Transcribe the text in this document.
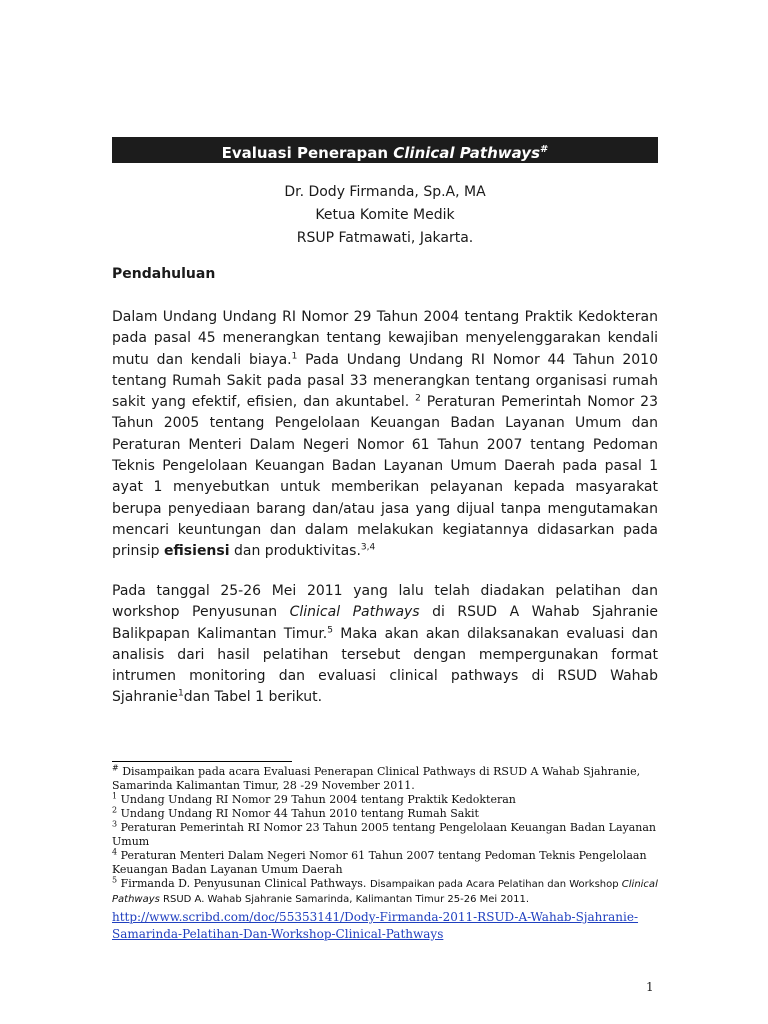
Evaluasi Penerapan Clinical Pathways#
Dr. Dody Firmanda, Sp.A, MA
Ketua Komite Medik
RSUP Fatmawati, Jakarta.
Pendahuluan
Dalam Undang Undang RI Nomor 29 Tahun 2004 tentang Praktik Kedokteran pada pasal 45 menerangkan tentang kewajiban menyelenggarakan kendali mutu dan kendali biaya.$^1$ Pada Undang Undang RI Nomor 44 Tahun 2010 tentang Rumah Sakit pada pasal 33 menerangkan tentang organisasi rumah sakit yang efektif, efisien, dan akuntabel. $^2$ Peraturan Pemerintah Nomor 23 Tahun 2005 tentang Pengelolaan Keuangan Badan Layanan Umum dan Peraturan Menteri Dalam Negeri Nomor 61 Tahun 2007 tentang Pedoman Teknis Pengelolaan Keuangan Badan Layanan Umum Daerah pada pasal 1 ayat 1 menyebutkan untuk memberikan pelayanan kepada masyarakat berupa penyediaan barang dan/atau jasa yang dijual tanpa mengutamakan mencari keuntungan dan dalam melakukan kegiatannya didasarkan pada prinsip efisiensi dan produktivitas.$^{3,4}$
Pada tanggal 25-26 Mei 2011 yang lalu telah diadakan pelatihan dan workshop Penyusunan Clinical Pathways di RSUD A Wahab Sjahranie Balikpapan Kalimantan Timur.$^5$ Maka akan akan dilaksanakan evaluasi dan analisis dari hasil pelatihan tersebut dengan mempergunakan format intrumen monitoring dan evaluasi clinical pathways di RSUD Wahab Sjahranie$^1$dan Tabel 1 berikut.

# Disampaikan pada acara Evaluasi Penerapan Clinical Pathways di RSUD A Wahab Sjahranie, Samarinda Kalimantan Timur, 28 -29 November 2011.

$^1$ Undang Undang RI Nomor 29 Tahun 2004 tentang Praktik Kedokteran

$^2$ Undang Undang RI Nomor 44 Tahun 2010 tentang Rumah Sakit

$^3$ Peraturan Pemerintah RI Nomor 23 Tahun 2005 tentang Pengelolaan Keuangan Badan Layanan Umum

$^4$ Peraturan Menteri Dalam Negeri Nomor 61 Tahun 2007 tentang Pedoman Teknis Pengelolaan Keuangan Badan Layanan Umum Daerah

$^5$ Firmanda D. Penyusunan Clinical Pathways. Disampaikan pada Acara Pelatihan dan Workshop Clinical Pathways RSUD A. Wahab Sjahranie Samarinda, Kalimantan Timur 25-26 Mei 2011.

http://www.scribd.com/doc/55353141/Dody-Firmanda-2011-RSUD-A-Wahab-Sjahranie-Samarinda-Pelatihan-Dan-Workshop-Clinical-Pathways
1
